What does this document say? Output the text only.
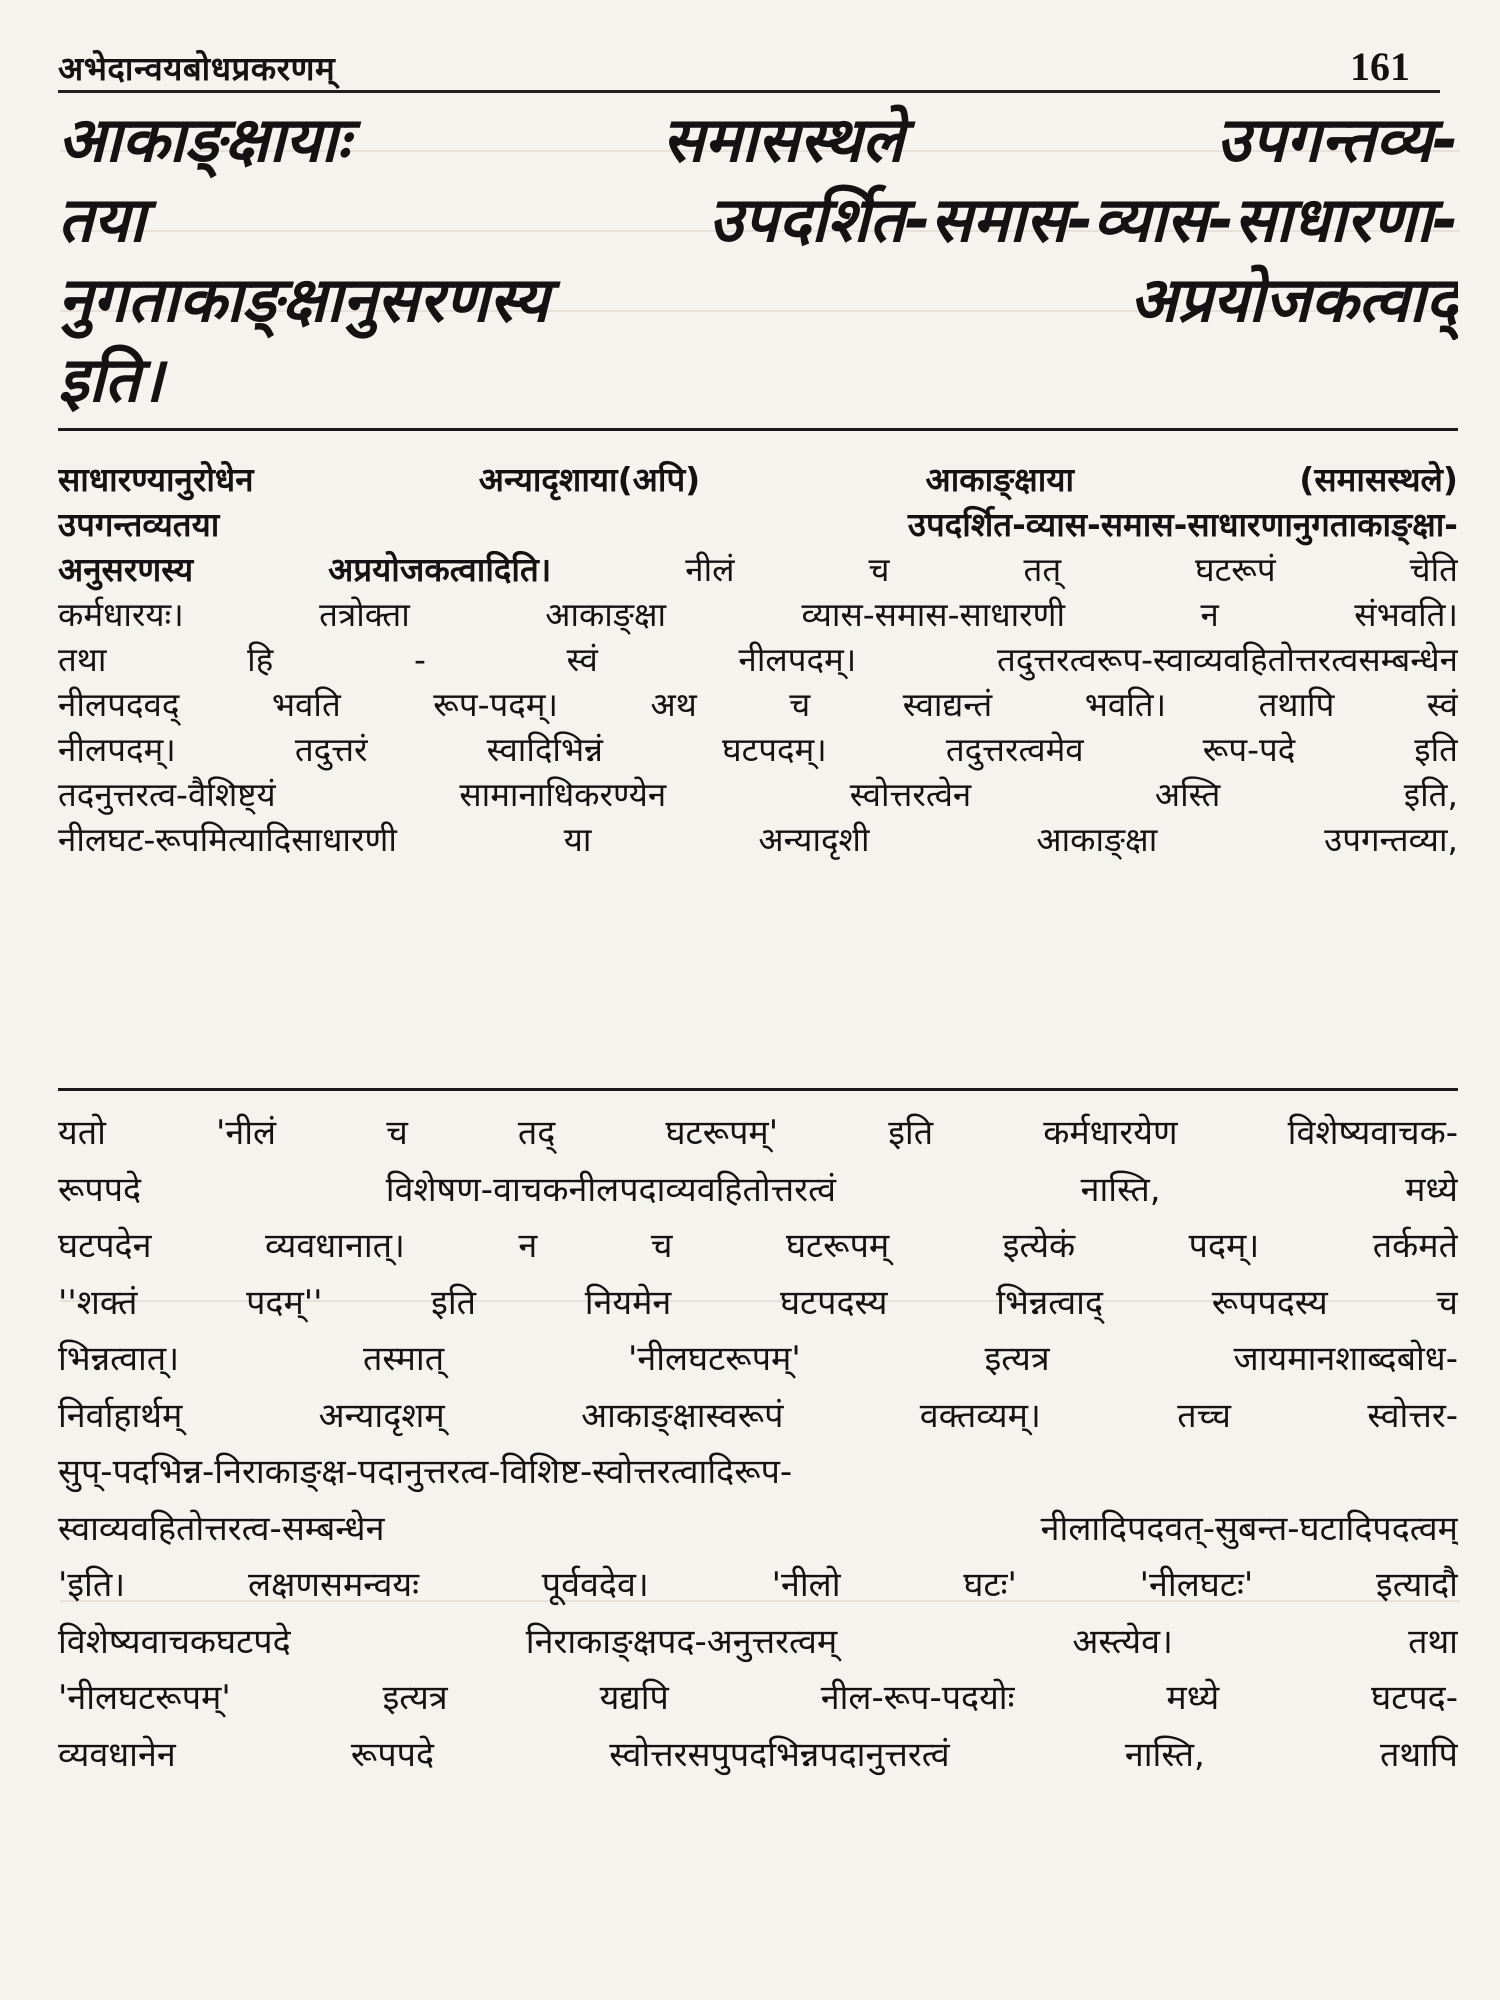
अभेदान्वयबोधप्रकरणम्	161
आकाङ्क्षायाः समासस्थले उपगन्तव्य-
तया उपदर्शित-समास-व्यास-साधारणा-
नुगताकाङ्क्षानुसरणस्य अप्रयोजकत्वाद्
इति।
साधारण्यानुरोधेन अन्यादृशाया(अपि) आकाङ्क्षाया (समासस्थले)
उपगन्तव्यतया उपदर्शित-व्यास-समास-साधारणानुगताकाङ्क्षा-
अनुसरणस्य अप्रयोजकत्वादिति। नीलं च तत् घटरूपं चेति
कर्मधारयः। तत्रोक्ता आकाङ्क्षा व्यास-समास-साधारणी न संभवति।
तथा हि - स्वं नीलपदम्। तदुत्तरत्वरूप-स्वाव्यवहितोत्तरत्वसम्बन्धेन
नीलपदवद् भवति रूप-पदम्। अथ च स्वाद्यन्तं भवति। तथापि स्वं
नीलपदम्। तदुत्तरं स्वादिभिन्नं घटपदम्। तदुत्तरत्वमेव रूप-पदे इति
तदनुत्तरत्व-वैशिष्ट्यं सामानाधिकरण्येन स्वोत्तरत्वेन अस्ति इति,
नीलघट-रूपमित्यादिसाधारणी या अन्यादृशी आकाङ्क्षा उपगन्तव्या,
यतो 'नीलं च तद् घटरूपम्' इति कर्मधारयेण विशेष्यवाचक-
रूपपदे विशेषण-वाचकनीलपदाव्यवहितोत्तरत्वं नास्ति, मध्ये
घटपदेन व्यवधानात्। न च घटरूपम् इत्येकं पदम्। तर्कमते
''शक्तं पदम्'' इति नियमेन घटपदस्य भिन्नत्वाद् रूपपदस्य च
भिन्नत्वात्। तस्मात् 'नीलघटरूपम्' इत्यत्र जायमानशाब्दबोध-
निर्वाहार्थम् अन्यादृशम् आकाङ्क्षास्वरूपं वक्तव्यम्। तच्च स्वोत्तर-
सुप्-पदभिन्न-निराकाङ्क्ष-पदानुत्तरत्व-विशिष्ट-स्वोत्तरत्वादिरूप-
स्वाव्यवहितोत्तरत्व-सम्बन्धेन नीलादिपदवत्-सुबन्त-घटादिपदत्वम्
'इति। लक्षणसमन्वयः पूर्ववदेव। 'नीलो घटः' 'नीलघटः' इत्यादौ
विशेष्यवाचकघटपदे निराकाङ्क्षपद-अनुत्तरत्वम् अस्त्येव। तथा
'नीलघटरूपम्' इत्यत्र यद्यपि नील-रूप-पदयोः मध्ये घटपद-
व्यवधानेन रूपपदे स्वोत्तरसपुपदभिन्नपदानुत्तरत्वं नास्ति, तथापि
